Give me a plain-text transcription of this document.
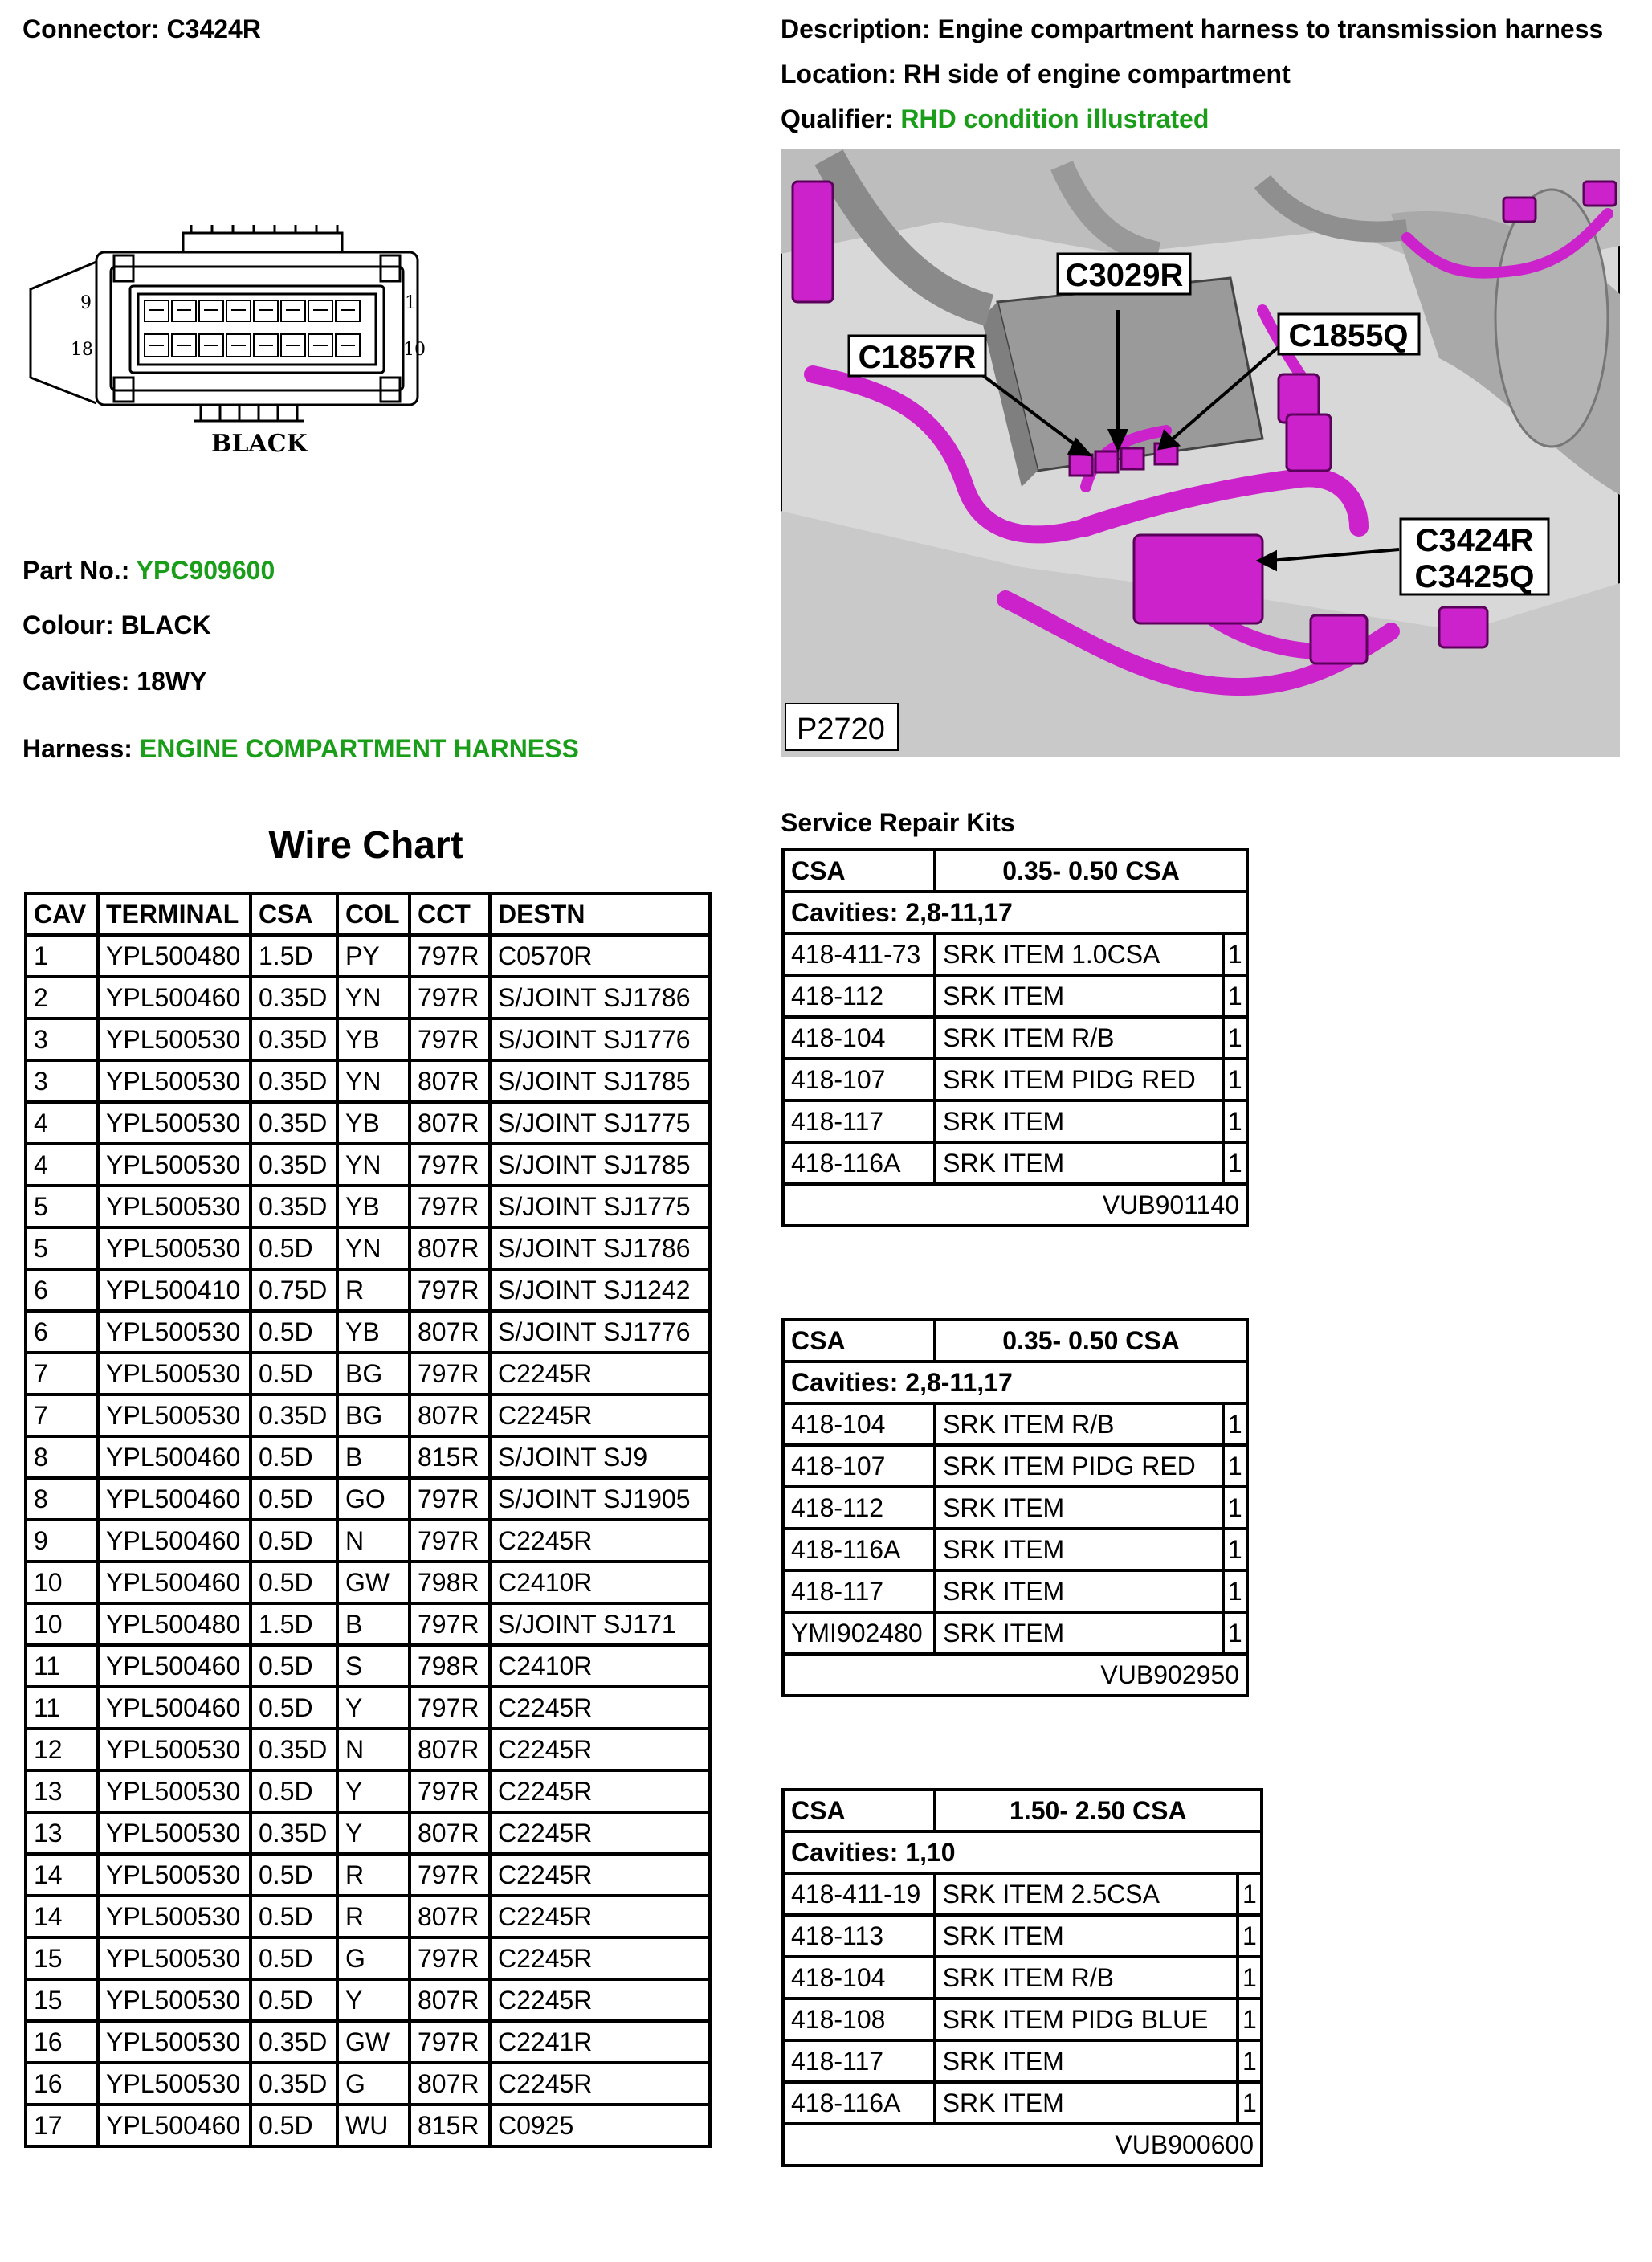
Connector: C3424R	Description: Engine compartment harness to transmission harness
Location: RH side of engine compartment
Qualifier: RHD condition illustrated
9
18
1
10
BLACK
Part No.: YPC909600
Colour: BLACK
Cavities: 18WY
Harness: ENGINE COMPARTMENT HARNESS
C3029R
C1857R
C1855Q
C3424R
C3425Q
P2720
Wire Chart
CAV	TERMINAL	CSA	COL	CCT	DESTN
1	YPL500480	1.5D	PY	797R	C0570R
2	YPL500460	0.35D	YN	797R	S/JOINT SJ1786
3	YPL500530	0.35D	YB	797R	S/JOINT SJ1776
3	YPL500530	0.35D	YN	807R	S/JOINT SJ1785
4	YPL500530	0.35D	YB	807R	S/JOINT SJ1775
4	YPL500530	0.35D	YN	797R	S/JOINT SJ1785
5	YPL500530	0.35D	YB	797R	S/JOINT SJ1775
5	YPL500530	0.5D	YN	807R	S/JOINT SJ1786
6	YPL500410	0.75D	R	797R	S/JOINT SJ1242
6	YPL500530	0.5D	YB	807R	S/JOINT SJ1776
7	YPL500530	0.5D	BG	797R	C2245R
7	YPL500530	0.35D	BG	807R	C2245R
8	YPL500460	0.5D	B	815R	S/JOINT SJ9
8	YPL500460	0.5D	GO	797R	S/JOINT SJ1905
9	YPL500460	0.5D	N	797R	C2245R
10	YPL500460	0.5D	GW	798R	C2410R
10	YPL500480	1.5D	B	797R	S/JOINT SJ171
11	YPL500460	0.5D	S	798R	C2410R
11	YPL500460	0.5D	Y	797R	C2245R
12	YPL500530	0.35D	N	807R	C2245R
13	YPL500530	0.5D	Y	797R	C2245R
13	YPL500530	0.35D	Y	807R	C2245R
14	YPL500530	0.5D	R	797R	C2245R
14	YPL500530	0.5D	R	807R	C2245R
15	YPL500530	0.5D	G	797R	C2245R
15	YPL500530	0.5D	Y	807R	C2245R
16	YPL500530	0.35D	GW	797R	C2241R
16	YPL500530	0.35D	G	807R	C2245R
17	YPL500460	0.5D	WU	815R	C0925
Service Repair Kits
CSA	0.35- 0.50 CSA	
Cavities: 2,8-11,17		
418-411-73	SRK ITEM 1.0CSA	1
418-112	SRK ITEM	1
418-104	SRK ITEM R/B	1
418-107	SRK ITEM PIDG RED	1
418-117	SRK ITEM	1
418-116A	SRK ITEM	1
VUB901140		
CSA	0.35- 0.50 CSA	
Cavities: 2,8-11,17		
418-104	SRK ITEM R/B	1
418-107	SRK ITEM PIDG RED	1
418-112	SRK ITEM	1
418-116A	SRK ITEM	1
418-117	SRK ITEM	1
YMI902480	SRK ITEM	1
VUB902950		
CSA	1.50- 2.50 CSA	
Cavities: 1,10		
418-411-19	SRK ITEM 2.5CSA	1
418-113	SRK ITEM	1
418-104	SRK ITEM R/B	1
418-108	SRK ITEM PIDG BLUE	1
418-117	SRK ITEM	1
418-116A	SRK ITEM	1
VUB900600		
